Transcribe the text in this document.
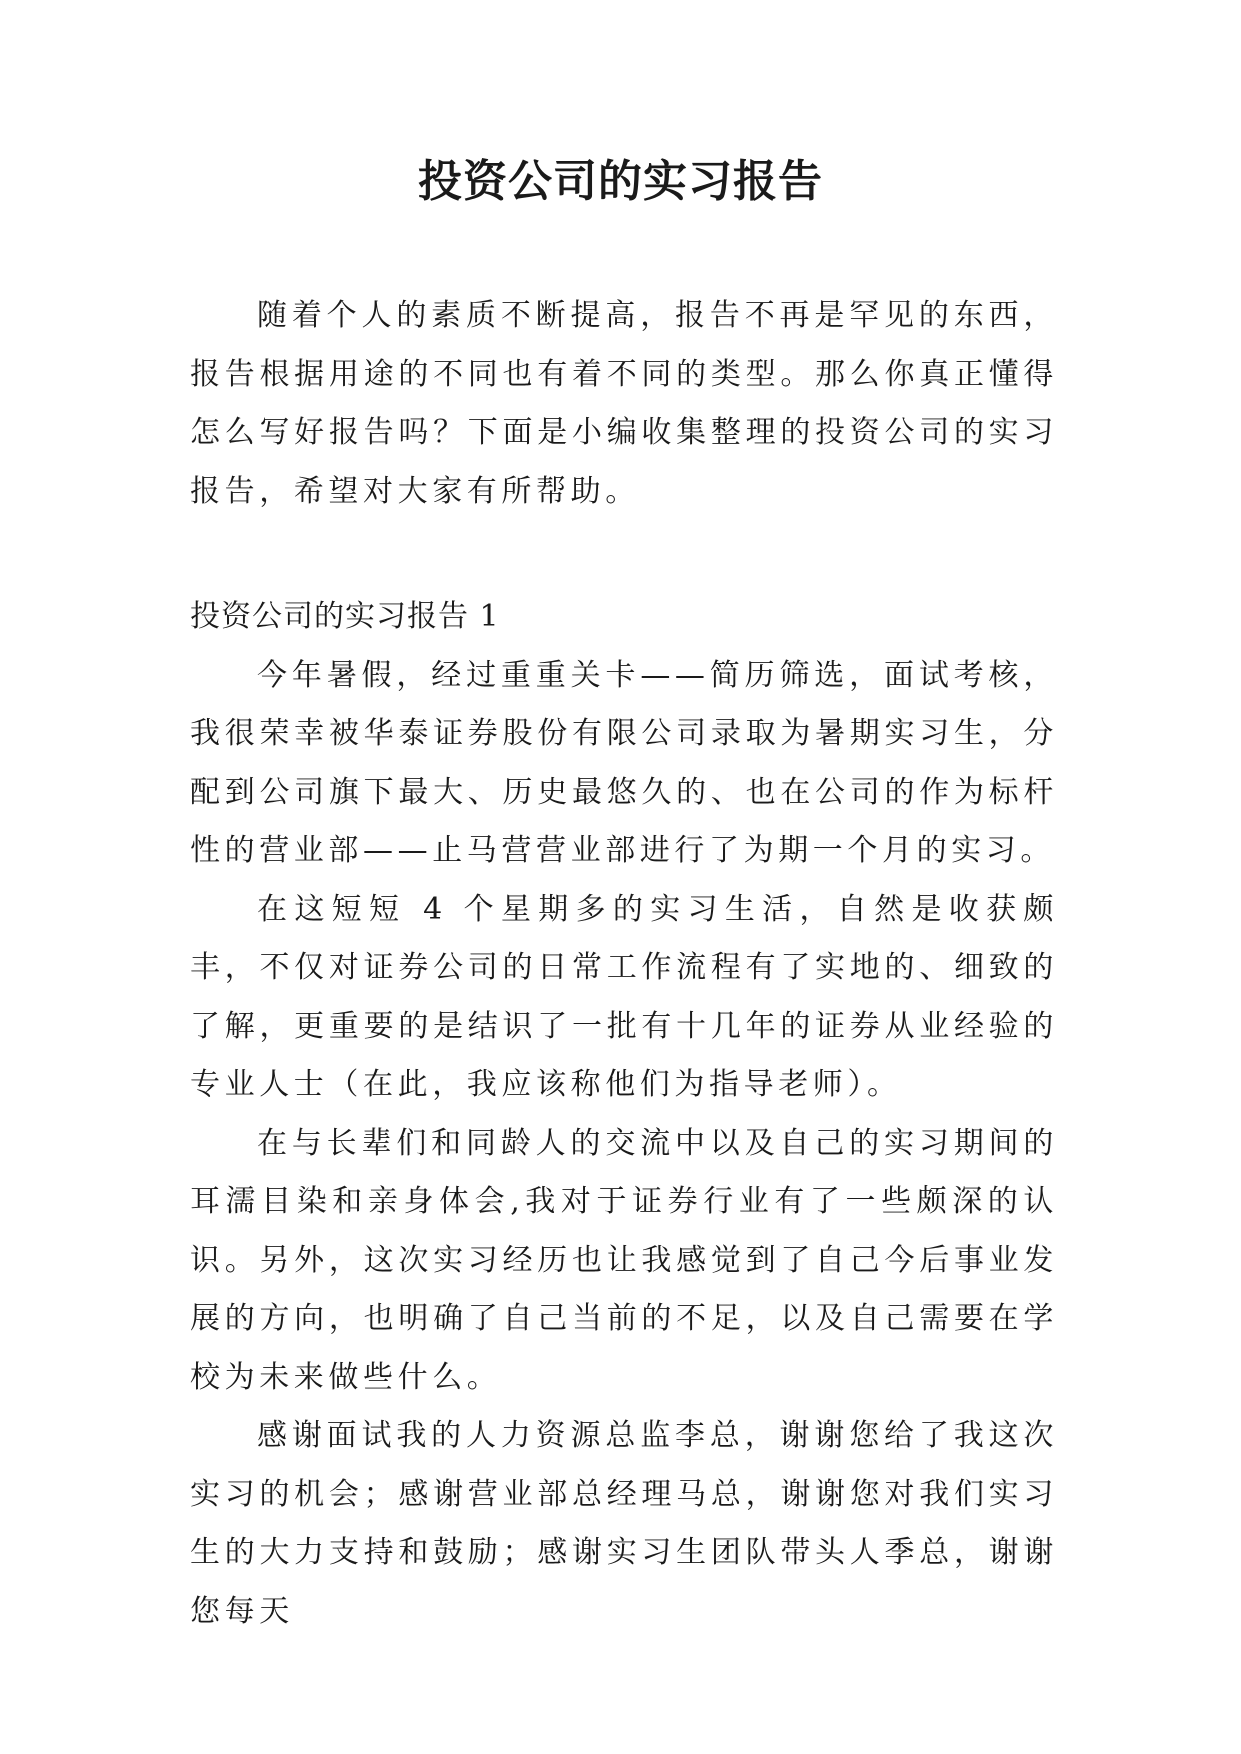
投资公司的实习报告

随着个人的素质不断提高，报告不再是罕见的东西，报告根据用途的不同也有着不同的类型。那么你真正懂得怎么写好报告吗？下面是小编收集整理的投资公司的实习报告，希望对大家有所帮助。

投资公司的实习报告 1

今年暑假，经过重重关卡——简历筛选，面试考核，我很荣幸被华泰证券股份有限公司录取为暑期实习生，分配到公司旗下最大、历史最悠久的、也在公司的作为标杆性的营业部——止马营营业部进行了为期一个月的实习。

在这短短 4 个星期多的实习生活，自然是收获颇丰，不仅对证券公司的日常工作流程有了实地的、细致的了解，更重要的是结识了一批有十几年的证券从业经验的专业人士（在此，我应该称他们为指导老师）。

在与长辈们和同龄人的交流中以及自己的实习期间的耳濡目染和亲身体会,我对于证券行业有了一些颇深的认识。另外，这次实习经历也让我感觉到了自己今后事业发展的方向，也明确了自己当前的不足，以及自己需要在学校为未来做些什么。

感谢面试我的人力资源总监李总，谢谢您给了我这次实习的机会；感谢营业部总经理马总，谢谢您对我们实习生的大力支持和鼓励；感谢实习生团队带头人季总，谢谢您每天
